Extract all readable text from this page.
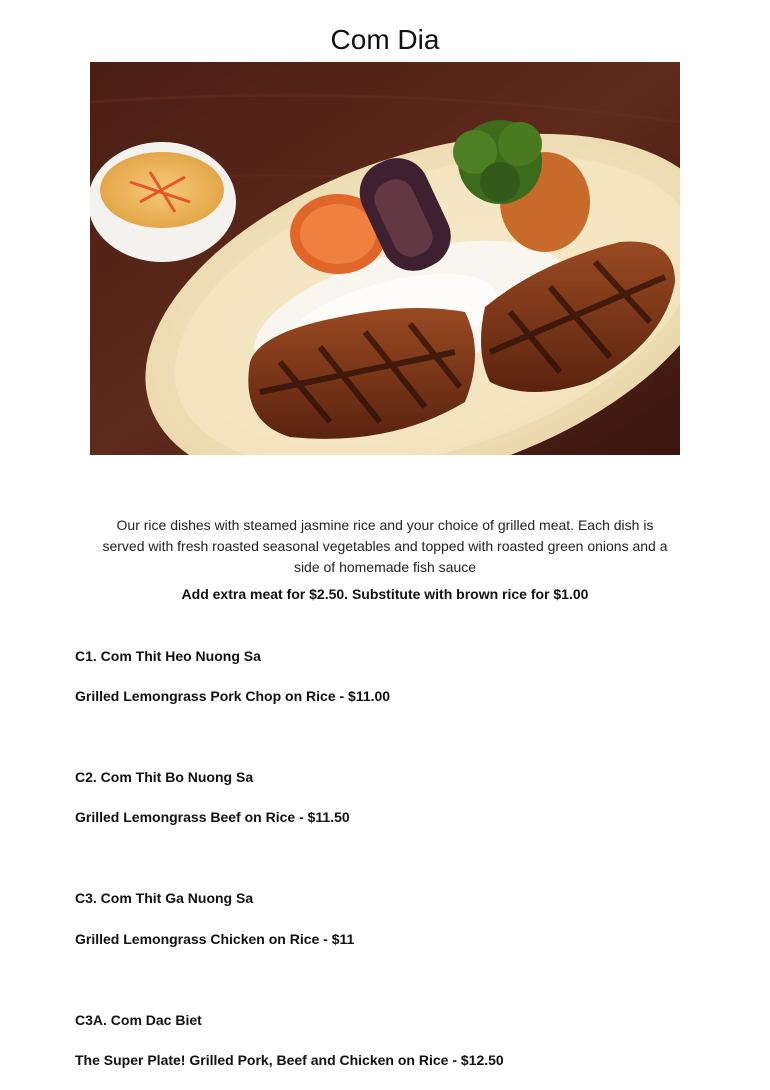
Com Dia

Our rice dishes with steamed jasmine rice and your choice of grilled meat. Each dish is served with fresh roasted seasonal vegetables and topped with roasted green onions and a side of homemade fish sauce

Add extra meat for $2.50. Substitute with brown rice for $1.00
C1. Com Thit Heo Nuong Sa
Grilled Lemongrass Pork Chop on Rice - $11.00
C2. Com Thit Bo Nuong Sa
Grilled Lemongrass Beef on Rice - $11.50
C3. Com Thit Ga Nuong Sa
Grilled Lemongrass Chicken on Rice - $11
C3A. Com Dac Biet
The Super Plate! Grilled Pork, Beef and Chicken on Rice - $12.50
